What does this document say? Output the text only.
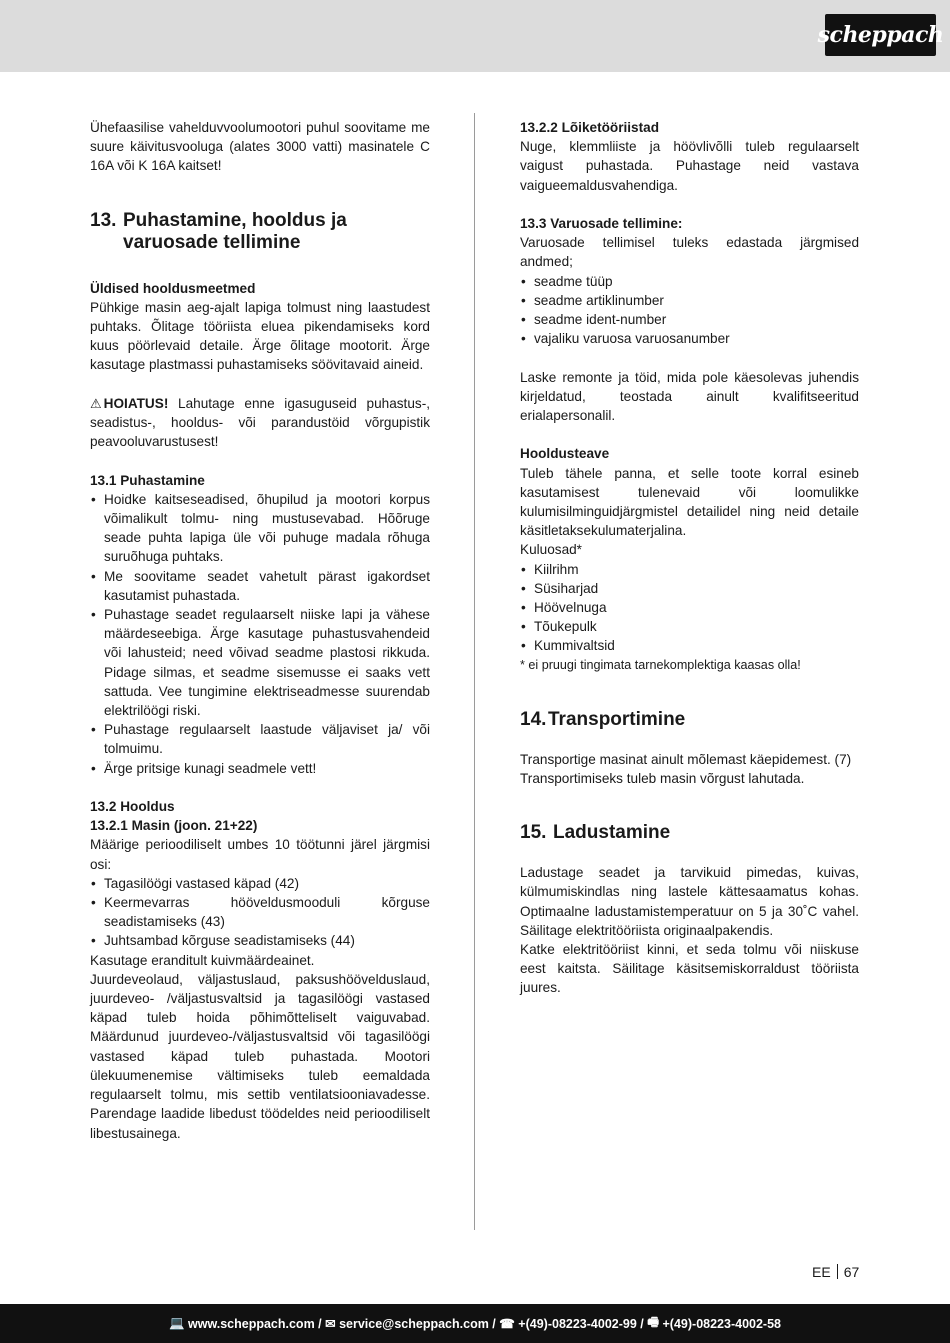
scheppach

Ühefaasilise vahelduvvoolumootori puhul soovitame me suure käivitusvooluga (alates 3000 vatti) masinatele C 16A või K 16A kaitset!

13. Puhastamine, hooldus ja varuosade tellimine

Üldised hooldusmeetmed

Pühkige masin aeg-ajalt lapiga tolmust ning laastudest puhtaks. Õlitage tööriista eluea pikendamiseks kord kuus pöörlevaid detaile. Ärge õlitage mootorit. Ärge kasutage plastmassi puhastamiseks söövitavaid aineid.

⚠ HOIATUS! Lahutage enne igasuguseid puhastus-, seadistus-, hooldus- või parandustöid võrgupistik peavooluvarustusest!

13.1 Puhastamine

• Hoidke kaitseseadised, õhupilud ja mootori korpus võimalikult tolmu- ning mustusevabad. Hõõruge seade puhta lapiga üle või puhuge madala rõhuga suruõhuga puhtaks.
• Me soovitame seadet vahetult pärast igakordset kasutamist puhastada.
• Puhastage seadet regulaarselt niiske lapi ja vähese määrdeseebiga. Ärge kasutage puhastusvahendeid või lahusteid; need võivad seadme plastosi rikkuda. Pidage silmas, et seadme sisemusse ei saaks vett sattuda. Vee tungimine elektriseadmesse suurendab elektrilöögi riski.
• Puhastage regulaarselt laastude väljaviset ja/ või tolmuimu.
• Ärge pritsige kunagi seadmele vett!

13.2 Hooldus

13.2.1 Masin (joon. 21+22)

Määrige perioodiliselt umbes 10 töötunni järel järgmisi osi:

• Tagasilöögi vastased käpad (42)
• Keermevarras hööveldusmooduli kõrguse seadistamiseks (43)
• Juhtsambad kõrguse seadistamiseks (44)

Kasutage eranditult kuivmäärdeainet.

Juurdeveolaud, väljastuslaud, paksushöövelduslaud, juurdeveo- /väljastusvaltsid ja tagasilöögi vastased käpad tuleb hoida põhimõtteliselt vaiguvabad. Määrdunud juurdeveo-/väljastusvaltsid või tagasilöögi vastased käpad tuleb puhastada. Mootori ülekuumenemise vältimiseks tuleb eemaldada regulaarselt tolmu, mis settib ventilatsiooniavadesse. Parendage laadide libedust töödeldes neid perioodiliselt libestusainega.

13.2.2 Lõiketööriistad

Nuge, klemmliiste ja höövlivõlli tuleb regulaarselt vaigust puhastada. Puhastage neid vastava vaigueemaldusvahendiga.

13.3 Varuosade tellimine:

Varuosade tellimisel tuleks edastada järgmised andmed;

• seadme tüüp
• seadme artiklinumber
• seadme ident-number
• vajaliku varuosa varuosanumber

Laske remonte ja töid, mida pole käesolevas juhendis kirjeldatud, teostada ainult kvalifitseeritud erialapersonalil.

Hooldusteave

Tuleb tähele panna, et selle toote korral esineb kasutamisest tulenevaid või loomulikke kulumisilminguidjärgmistel detailidel ning neid detaile käsitletaksekulumaterjalina.

Kuluosad*

• Kiilrihm
• Süsiharjad
• Höövelnuga
• Tõukepulk
• Kummivaltsid

* ei pruugi tingimata tarnekomplektiga kaasas olla!

14. Transportimine

Transportige masinat ainult mõlemast käepidemest. (7)

Transportimiseks tuleb masin võrgust lahutada.

15. Ladustamine

Ladustage seadet ja tarvikuid pimedas, kuivas, külmumiskindlas ning lastele kättesaamatus kohas. Optimaalne ladustamistemperatuur on 5 ja 30˚C vahel. Säilitage elektritööriista originaalpakendis.

Katke elektritööriist kinni, et seda tolmu või niiskuse eest kaitsta. Säilitage käsitsemiskorraldust tööriista juures.

EE 67
💻 www.scheppach.com / ✉ service@scheppach.com / ☎ +(49)-08223-4002-99 / 🖷 +(49)-08223-4002-58
